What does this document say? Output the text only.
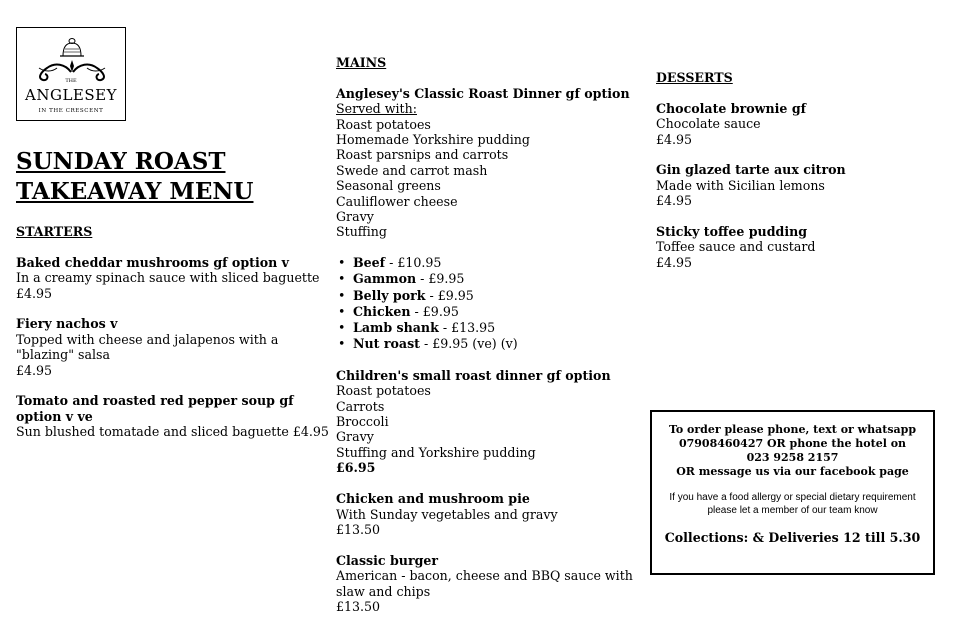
THE
ANGLESEY
IN THE CRESCENT
SUNDAY ROAST
TAKEAWAY MENU
STARTERS
Baked cheddar mushrooms gf option v
In a creamy spinach sauce with sliced baguette
£4.95
Fiery nachos v
Topped with cheese and jalapenos with a
"blazing" salsa
£4.95
Tomato and roasted red pepper soup gf
option v ve
Sun blushed tomatade and sliced baguette £4.95
MAINS
Anglesey's Classic Roast Dinner gf option
Served with:
Roast potatoes
Homemade Yorkshire pudding
Roast parsnips and carrots
Swede and carrot mash
Seasonal greens
Cauliflower cheese
Gravy
Stuffing
• Beef - £10.95
• Gammon - £9.95
• Belly pork - £9.95
• Chicken - £9.95
• Lamb shank - £13.95
• Nut roast - £9.95 (ve) (v)
Children's small roast dinner gf option
Roast potatoes
Carrots
Broccoli
Gravy
Stuffing and Yorkshire pudding
£6.95
Chicken and mushroom pie
With Sunday vegetables and gravy
£13.50
Classic burger
American - bacon, cheese and BBQ sauce with
slaw and chips
£13.50
DESSERTS
Chocolate brownie gf
Chocolate sauce
£4.95
Gin glazed tarte aux citron
Made with Sicilian lemons
£4.95
Sticky toffee pudding
Toffee sauce and custard
£4.95
To order please phone, text or whatsapp
07908460427 OR phone the hotel on
023 9258 2157
OR message us via our facebook page
If you have a food allergy or special dietary requirement
please let a member of our team know
Collections: & Deliveries 12 till 5.30
